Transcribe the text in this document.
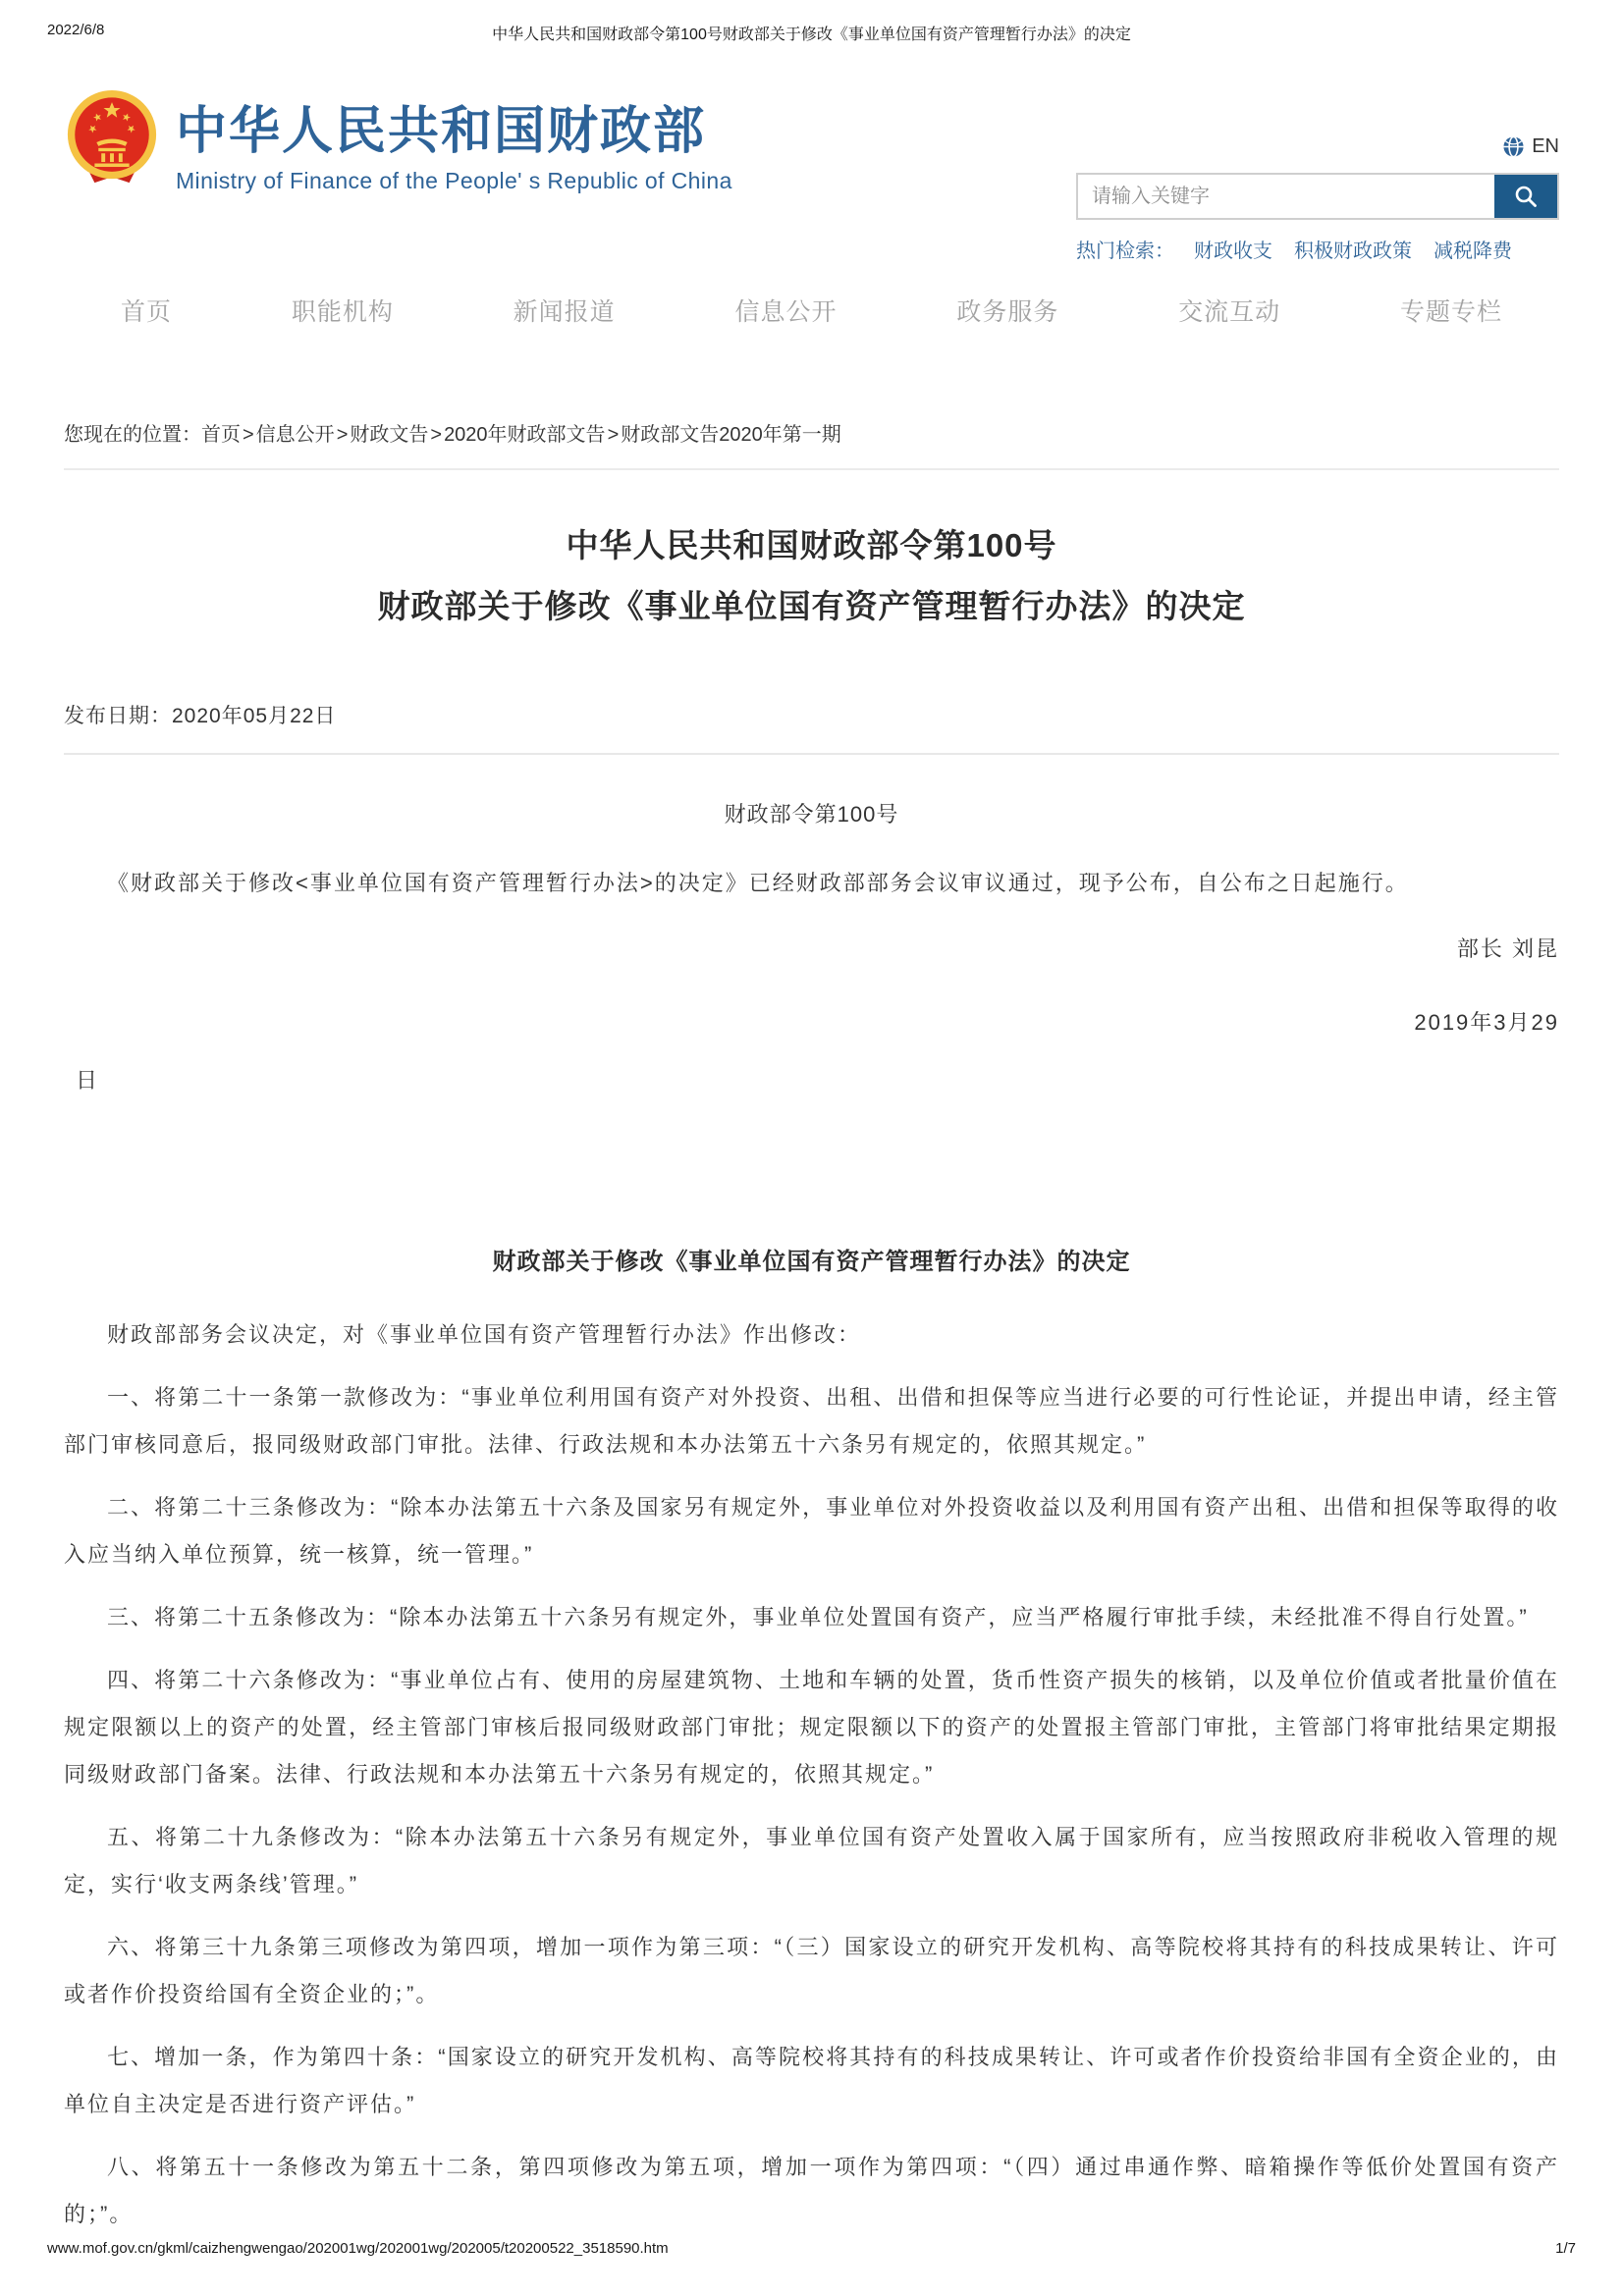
2022/6/8	中华人民共和国财政部令第100号财政部关于修改《事业单位国有资产管理暂行办法》的决定
中华人民共和国财政部
Ministry of Finance of the People' s Republic of China
EN
请输入关键字
热门检索： 财政收支 积极财政政策 减税降费
首页	职能机构	新闻报道	信息公开	政务服务	交流互动	专题专栏
您现在的位置：首页 > 信息公开 > 财政文告 > 2020年财政部文告 > 财政部文告2020年第一期
中华人民共和国财政部令第100号
财政部关于修改《事业单位国有资产管理暂行办法》的决定
发布日期：2020年05月22日
财政部令第100号

《财政部关于修改<事业单位国有资产管理暂行办法>的决定》已经财政部部务会议审议通过，现予公布，自公布之日起施行。

部长 刘昆
2019年3月29
日
财政部关于修改《事业单位国有资产管理暂行办法》的决定

财政部部务会议决定，对《事业单位国有资产管理暂行办法》作出修改：

一、将第二十一条第一款修改为：“事业单位利用国有资产对外投资、出租、出借和担保等应当进行必要的可行性论证，并提出申请，经主管部门审核同意后，报同级财政部门审批。法律、行政法规和本办法第五十六条另有规定的，依照其规定。”

二、将第二十三条修改为：“除本办法第五十六条及国家另有规定外，事业单位对外投资收益以及利用国有资产出租、出借和担保等取得的收入应当纳入单位预算，统一核算，统一管理。”

三、将第二十五条修改为：“除本办法第五十六条另有规定外，事业单位处置国有资产，应当严格履行审批手续，未经批准不得自行处置。”

四、将第二十六条修改为：“事业单位占有、使用的房屋建筑物、土地和车辆的处置，货币性资产损失的核销，以及单位价值或者批量价值在规定限额以上的资产的处置，经主管部门审核后报同级财政部门审批；规定限额以下的资产的处置报主管部门审批，主管部门将审批结果定期报同级财政部门备案。法律、行政法规和本办法第五十六条另有规定的，依照其规定。”

五、将第二十九条修改为：“除本办法第五十六条另有规定外，事业单位国有资产处置收入属于国家所有，应当按照政府非税收入管理的规定，实行‘收支两条线’管理。”

六、将第三十九条第三项修改为第四项，增加一项作为第三项：“（三）国家设立的研究开发机构、高等院校将其持有的科技成果转让、许可或者作价投资给国有全资企业的；”。

七、增加一条，作为第四十条：“国家设立的研究开发机构、高等院校将其持有的科技成果转让、许可或者作价投资给非国有全资企业的，由单位自主决定是否进行资产评估。”

八、将第五十一条修改为第五十二条，第四项修改为第五项，增加一项作为第四项：“（四）通过串通作弊、暗箱操作等低价处置国有资产的；”。

www.mof.gov.cn/gkml/caizhengwengao/202001wg/202001wg/202005/t20200522_3518590.htm	1/7
